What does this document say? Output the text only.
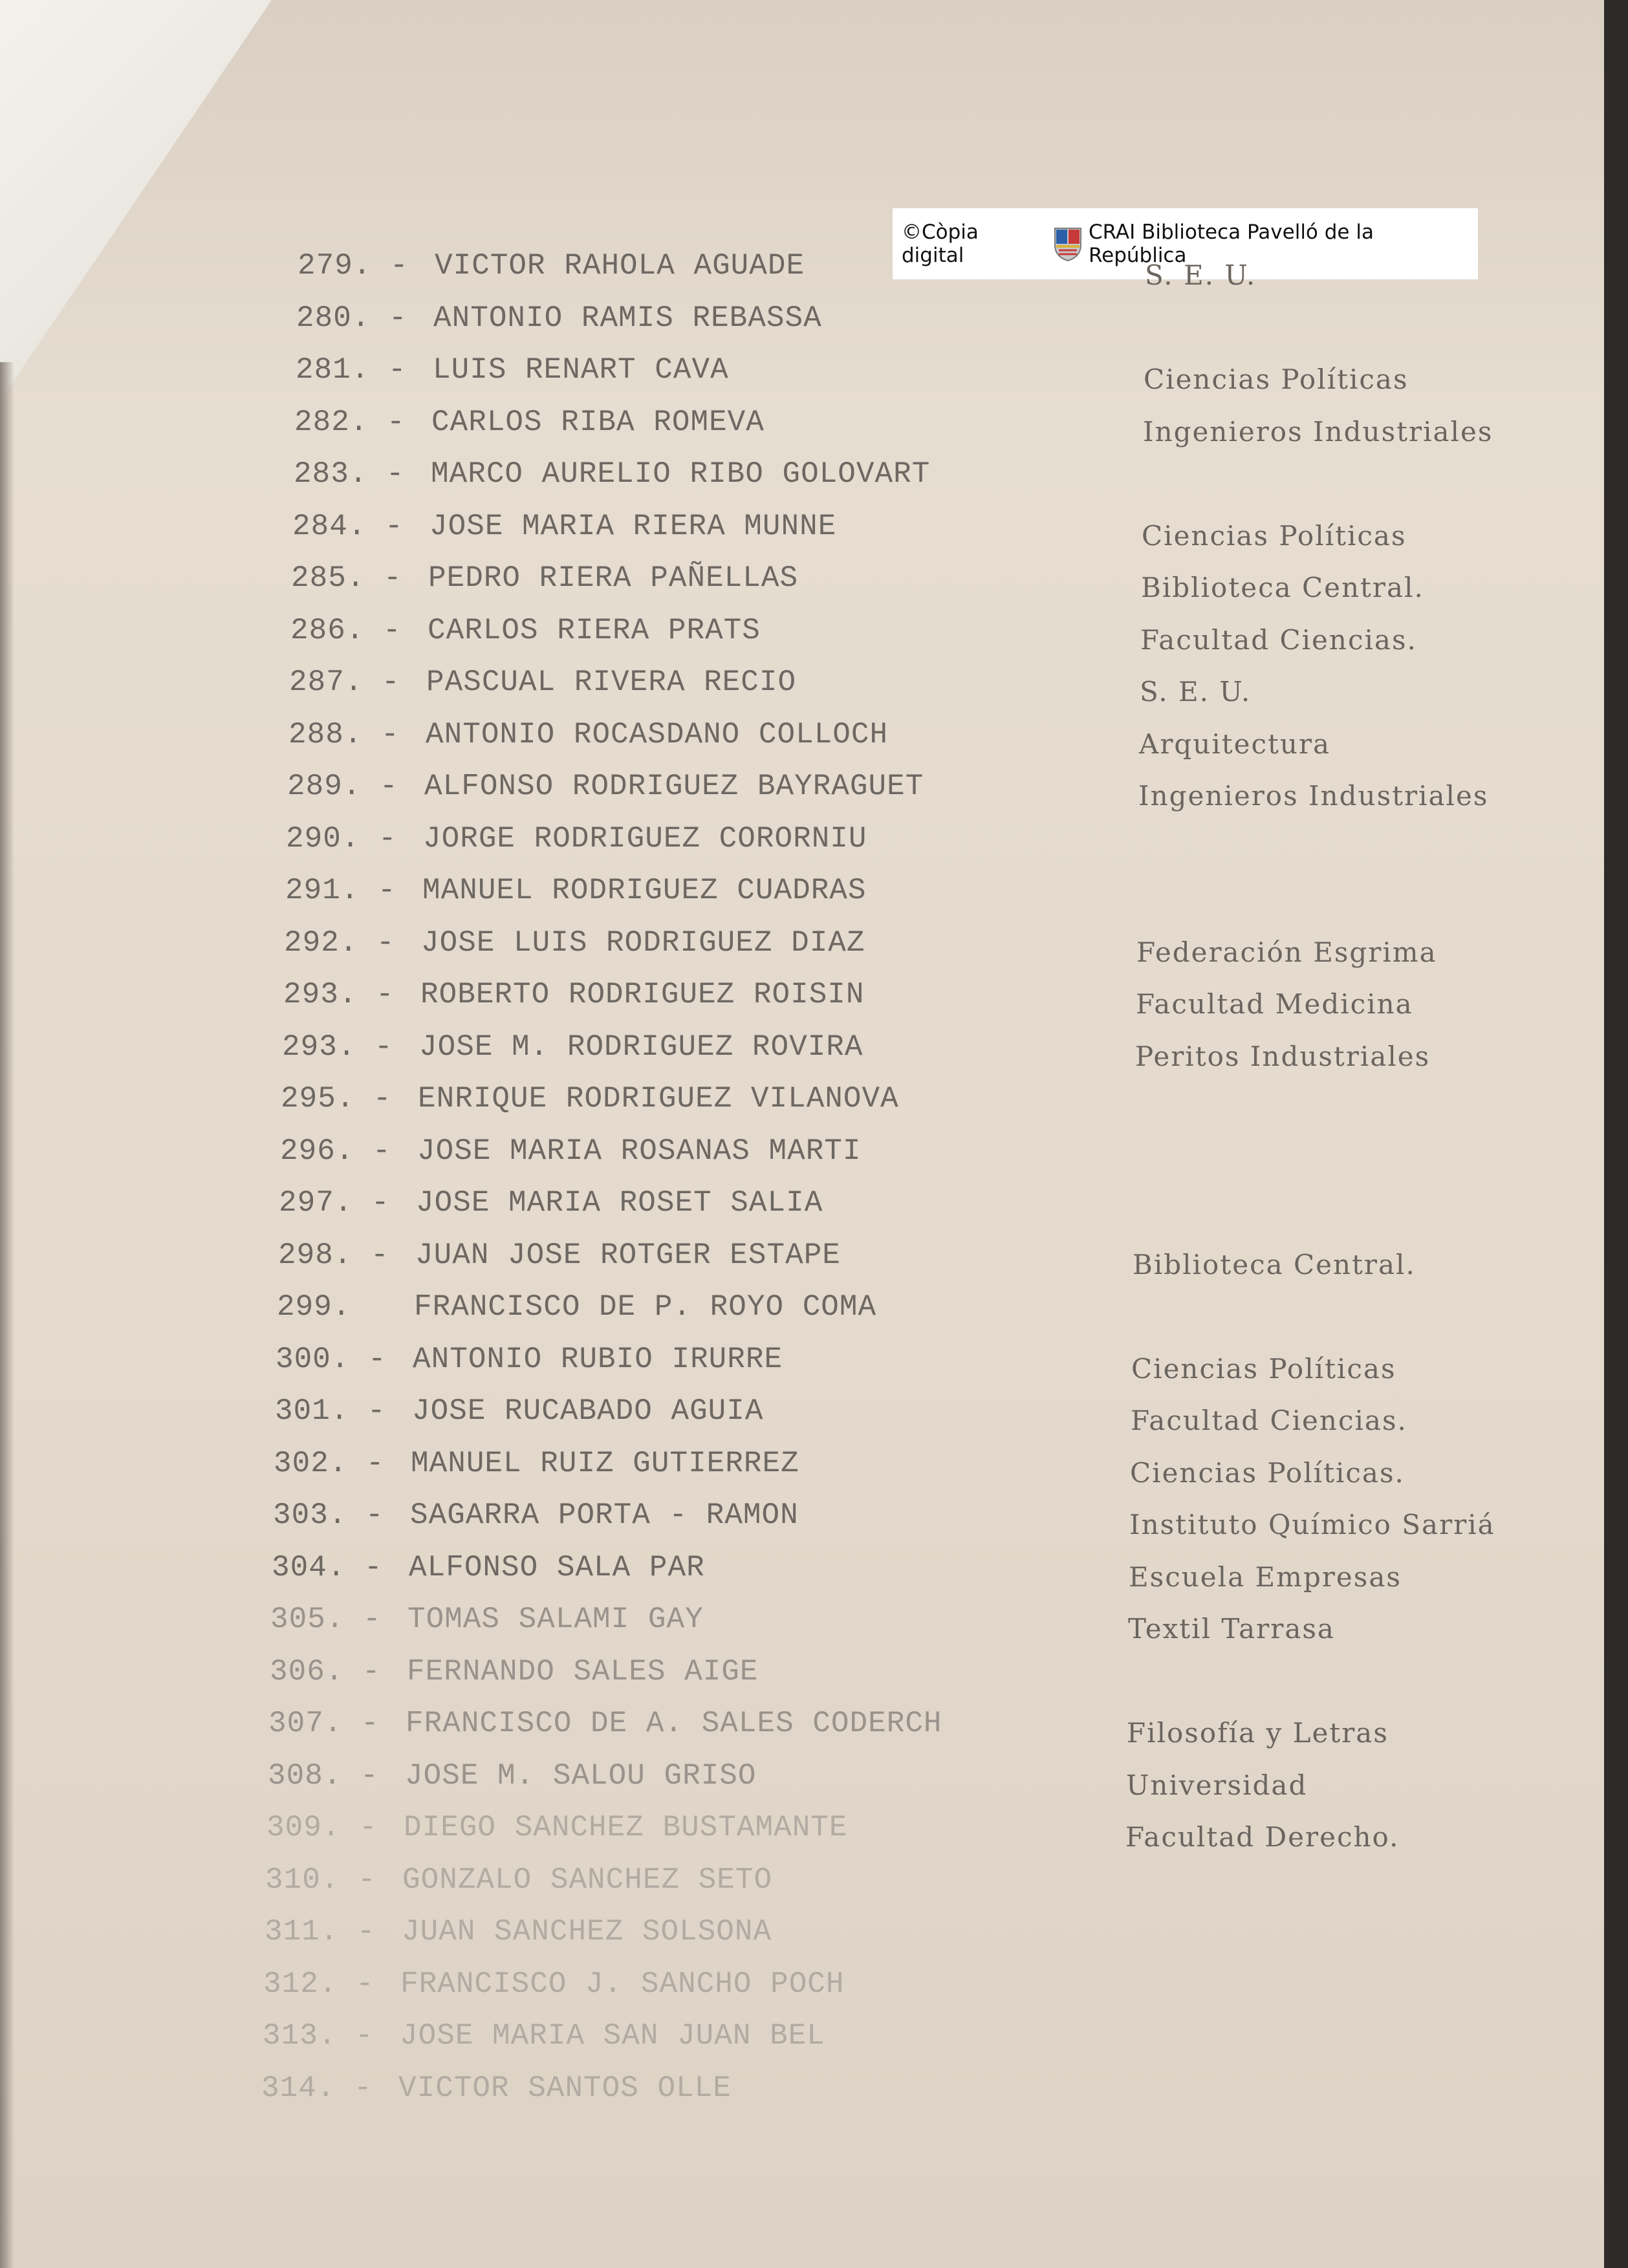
©Còpia digital
CRAI Biblioteca Pavelló de la República
279. - VICTOR RAHOLA AGUADE	S. E. U.
280. - ANTONIO RAMIS REBASSA
281. - LUIS RENART CAVA	Ciencias Políticas
282. - CARLOS RIBA ROMEVA	Ingenieros Industriales
283. - MARCO AURELIO RIBO GOLOVART
284. - JOSE MARIA RIERA MUNNE	Ciencias Políticas
285. - PEDRO RIERA PAÑELLAS	Biblioteca Central.
286. - CARLOS RIERA PRATS	Facultad Ciencias.
287. - PASCUAL RIVERA RECIO	S. E. U.
288. - ANTONIO ROCASDANO COLLOCH	Arquitectura
289. - ALFONSO RODRIGUEZ BAYRAGUET	Ingenieros Industriales
290. - JORGE RODRIGUEZ CORORNIU
291. - MANUEL RODRIGUEZ CUADRAS
292. - JOSE LUIS RODRIGUEZ DIAZ	Federación Esgrima
293. - ROBERTO RODRIGUEZ ROISIN	Facultad Medicina
293. - JOSE M. RODRIGUEZ ROVIRA	Peritos Industriales
295. - ENRIQUE RODRIGUEZ VILANOVA
296. - JOSE MARIA ROSANAS MARTI
297. - JOSE MARIA ROSET SALIA
298. - JUAN JOSE ROTGER ESTAPE	Biblioteca Central.
299. FRANCISCO DE P. ROYO COMA
300. - ANTONIO RUBIO IRURRE	Ciencias Políticas
301. - JOSE RUCABADO AGUIA	Facultad Ciencias.
302. - MANUEL RUIZ GUTIERREZ	Ciencias Políticas.
303. - SAGARRA PORTA - RAMON	Instituto Químico Sarriá
304. - ALFONSO SALA PAR	Escuela Empresas
305. - TOMAS SALAMI GAY	Textil Tarrasa
306. - FERNANDO SALES AIGE
307. - FRANCISCO DE A. SALES CODERCH	Filosofía y Letras
308. - JOSE M. SALOU GRISO	Universidad
309. - DIEGO SANCHEZ BUSTAMANTE	Facultad Derecho.
310. - GONZALO SANCHEZ SETO
311. - JUAN SANCHEZ SOLSONA
312. - FRANCISCO J. SANCHO POCH
313. - JOSE MARIA SAN JUAN BEL
314. - VICTOR SANTOS OLLE
